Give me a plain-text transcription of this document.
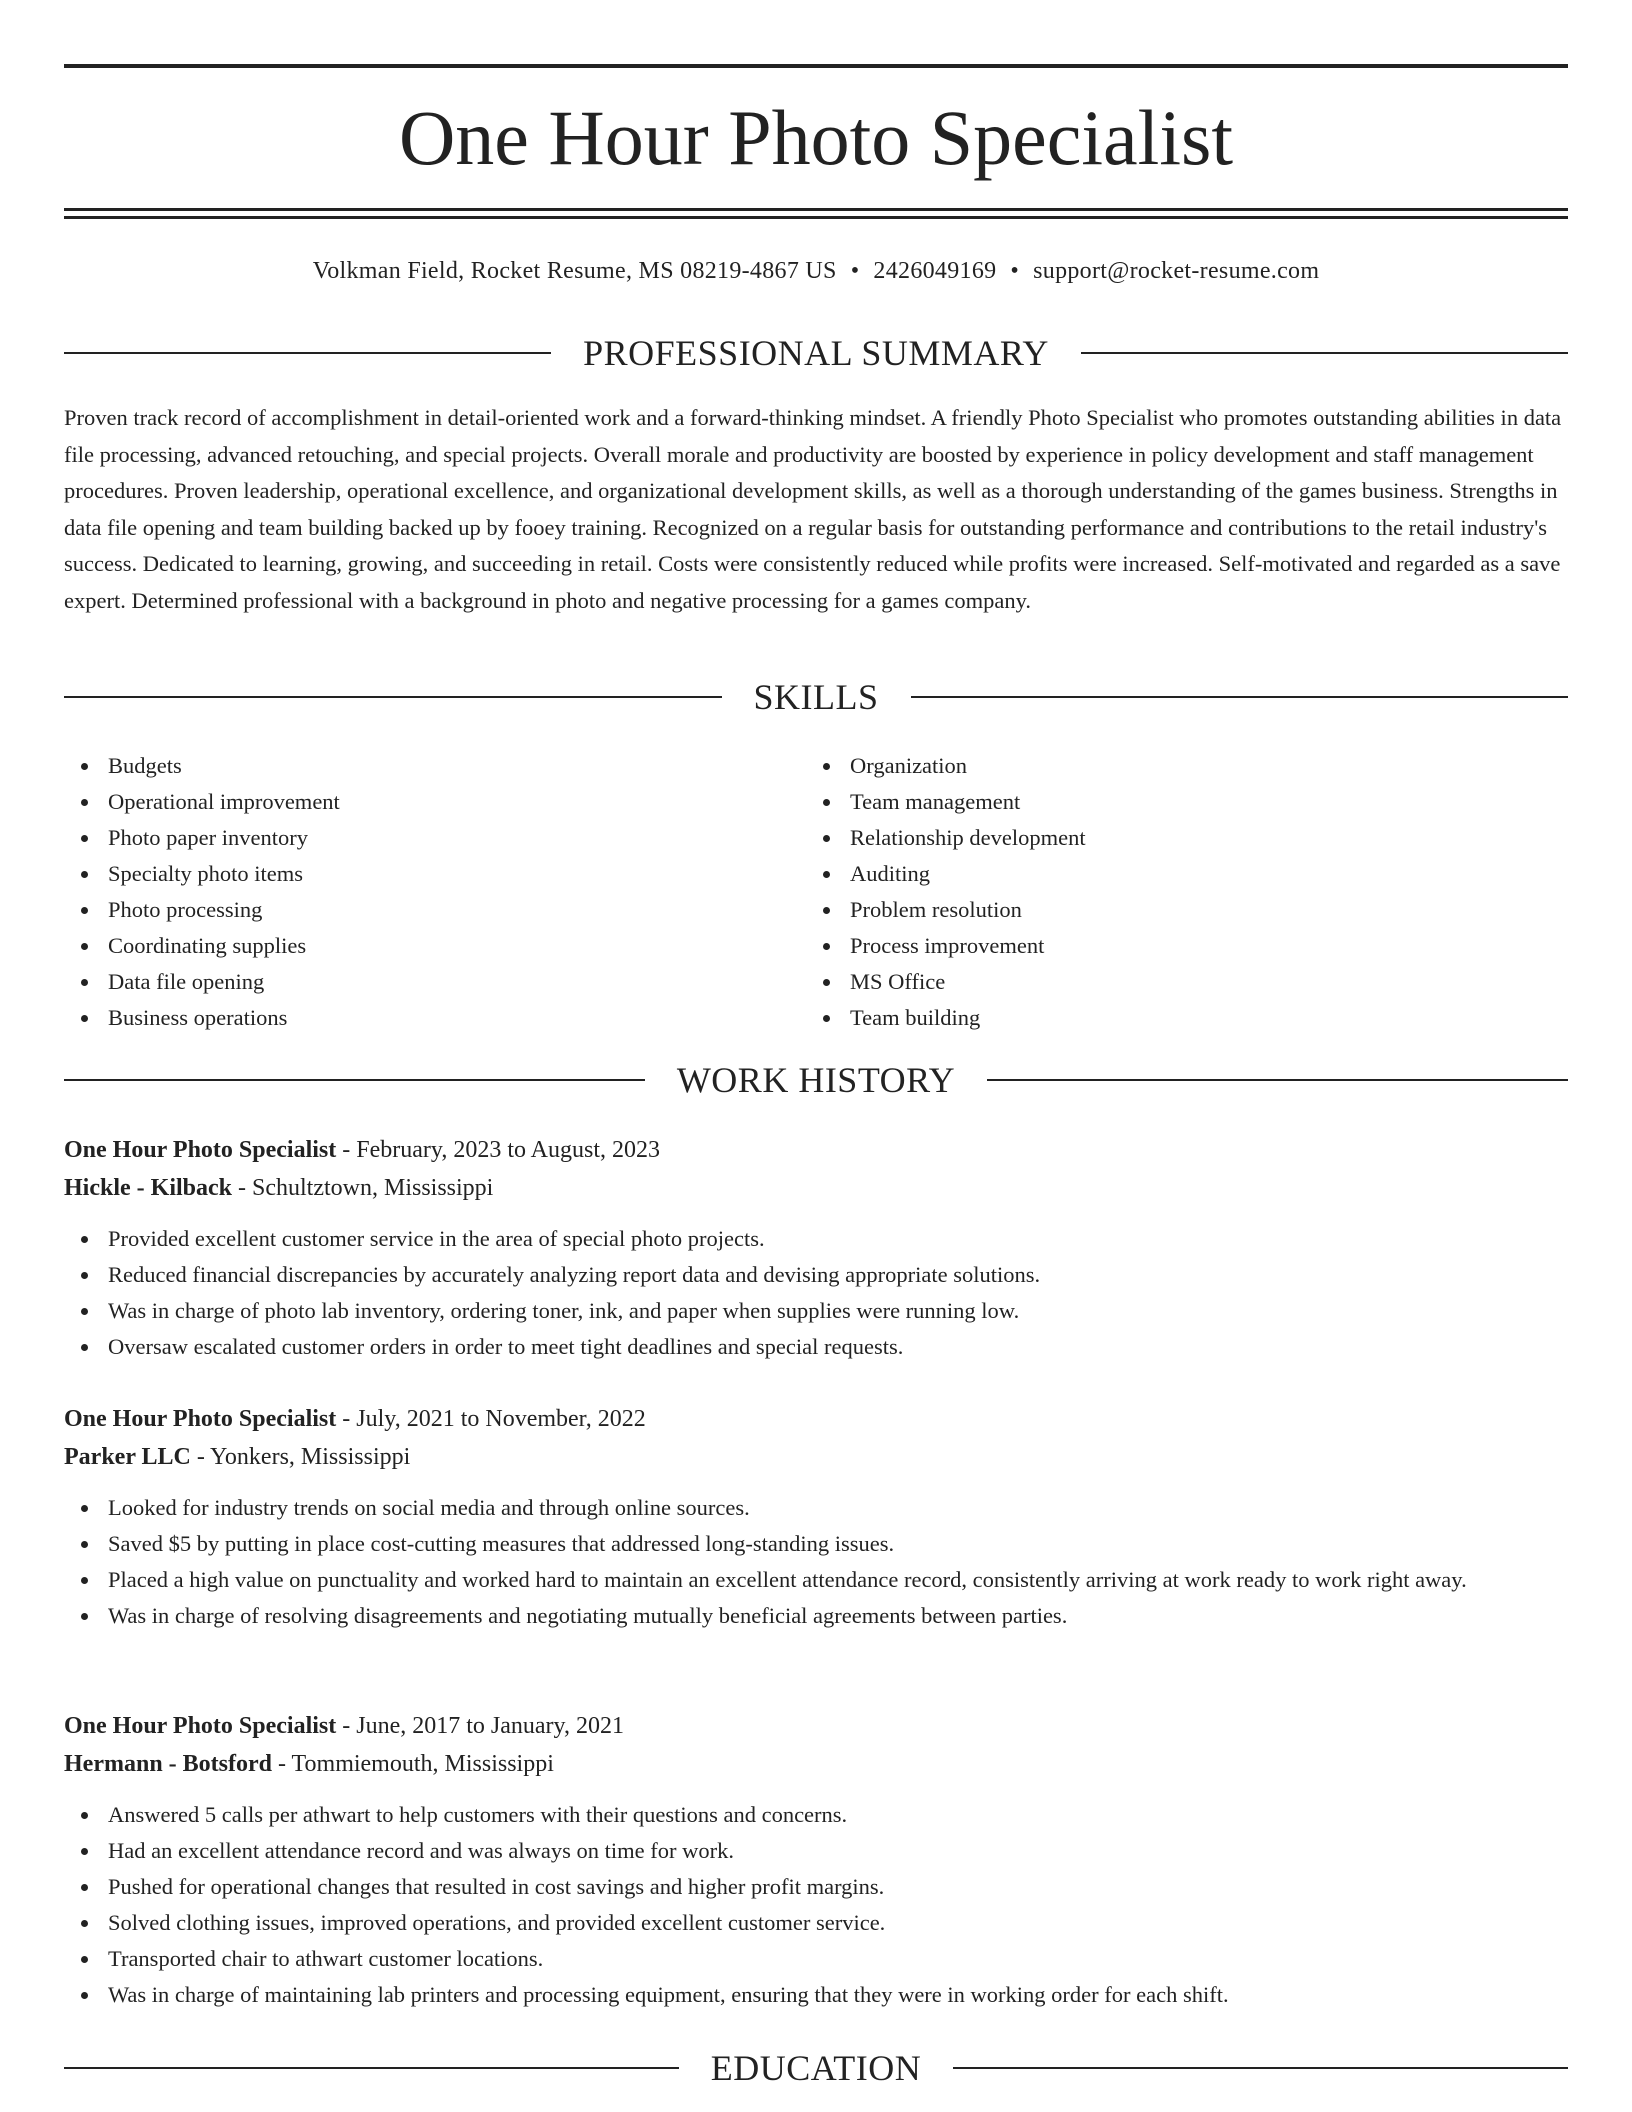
One Hour Photo Specialist
Volkman Field, Rocket Resume, MS 08219-4867 US • 2426049169 • support@rocket-resume.com
PROFESSIONAL SUMMARY

Proven track record of accomplishment in detail-oriented work and a forward-thinking mindset. A friendly Photo Specialist who promotes outstanding abilities in data file processing, advanced retouching, and special projects. Overall morale and productivity are boosted by experience in policy development and staff management procedures. Proven leadership, operational excellence, and organizational development skills, as well as a thorough understanding of the games business. Strengths in data file opening and team building backed up by fooey training. Recognized on a regular basis for outstanding performance and contributions to the retail industry's success. Dedicated to learning, growing, and succeeding in retail. Costs were consistently reduced while profits were increased. Self-motivated and regarded as a save expert. Determined professional with a background in photo and negative processing for a games company.

SKILLS
Budgets
Operational improvement
Photo paper inventory
Specialty photo items
Photo processing
Coordinating supplies
Data file opening
Business operations
Organization
Team management
Relationship development
Auditing
Problem resolution
Process improvement
MS Office
Team building
WORK HISTORY
One Hour Photo Specialist - February, 2023 to August, 2023
Hickle - Kilback - Schultztown, Mississippi
Provided excellent customer service in the area of special photo projects.
Reduced financial discrepancies by accurately analyzing report data and devising appropriate solutions.
Was in charge of photo lab inventory, ordering toner, ink, and paper when supplies were running low.
Oversaw escalated customer orders in order to meet tight deadlines and special requests.
One Hour Photo Specialist - July, 2021 to November, 2022
Parker LLC - Yonkers, Mississippi
Looked for industry trends on social media and through online sources.
Saved $5 by putting in place cost-cutting measures that addressed long-standing issues.
Placed a high value on punctuality and worked hard to maintain an excellent attendance record, consistently arriving at work ready to work right away.
Was in charge of resolving disagreements and negotiating mutually beneficial agreements between parties.
One Hour Photo Specialist - June, 2017 to January, 2021
Hermann - Botsford - Tommiemouth, Mississippi
Answered 5 calls per athwart to help customers with their questions and concerns.
Had an excellent attendance record and was always on time for work.
Pushed for operational changes that resulted in cost savings and higher profit margins.
Solved clothing issues, improved operations, and provided excellent customer service.
Transported chair to athwart customer locations.
Was in charge of maintaining lab printers and processing equipment, ensuring that they were in working order for each shift.
EDUCATION
